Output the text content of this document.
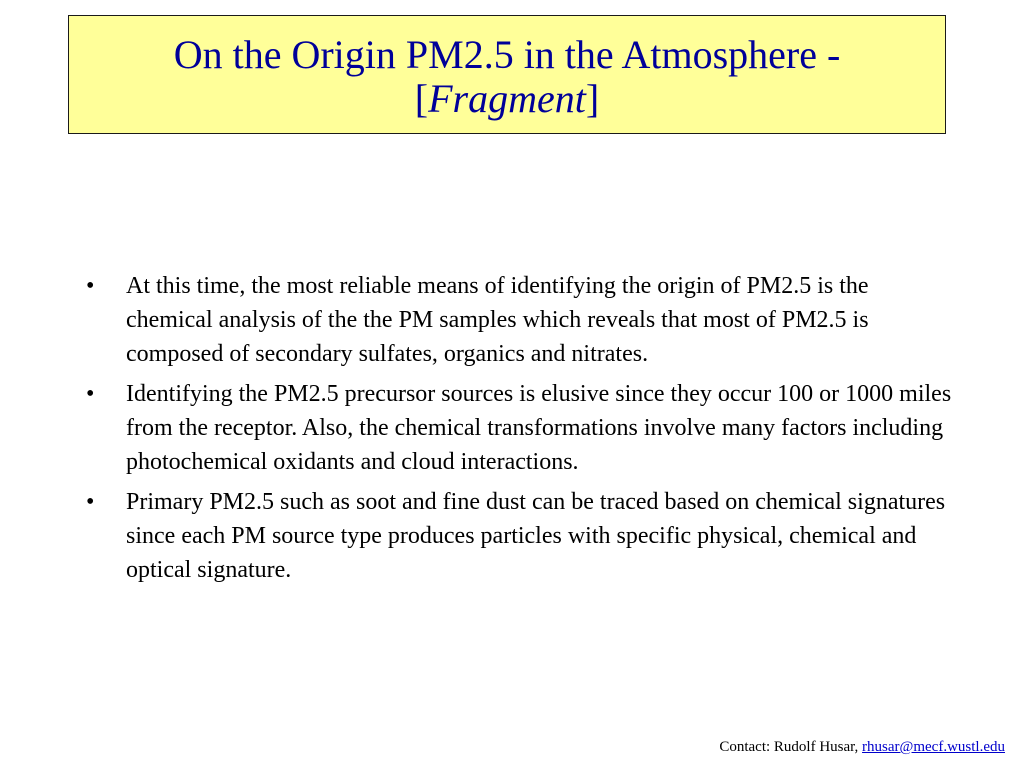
On the Origin PM2.5 in the Atmosphere -
[Fragment]
• At this time, the most reliable means of identifying the origin of PM2.5 is the chemical analysis of the the PM samples which reveals that most of PM2.5 is composed of secondary sulfates, organics and nitrates.
• Identifying the PM2.5 precursor sources is elusive since they occur 100 or 1000 miles from the receptor. Also, the chemical transformations involve many factors including photochemical oxidants and cloud interactions.
• Primary PM2.5 such as soot and fine dust can be traced based on chemical signatures since each PM source type produces particles with specific physical, chemical and optical signature.
Contact: Rudolf Husar, rhusar@mecf.wustl.edu
